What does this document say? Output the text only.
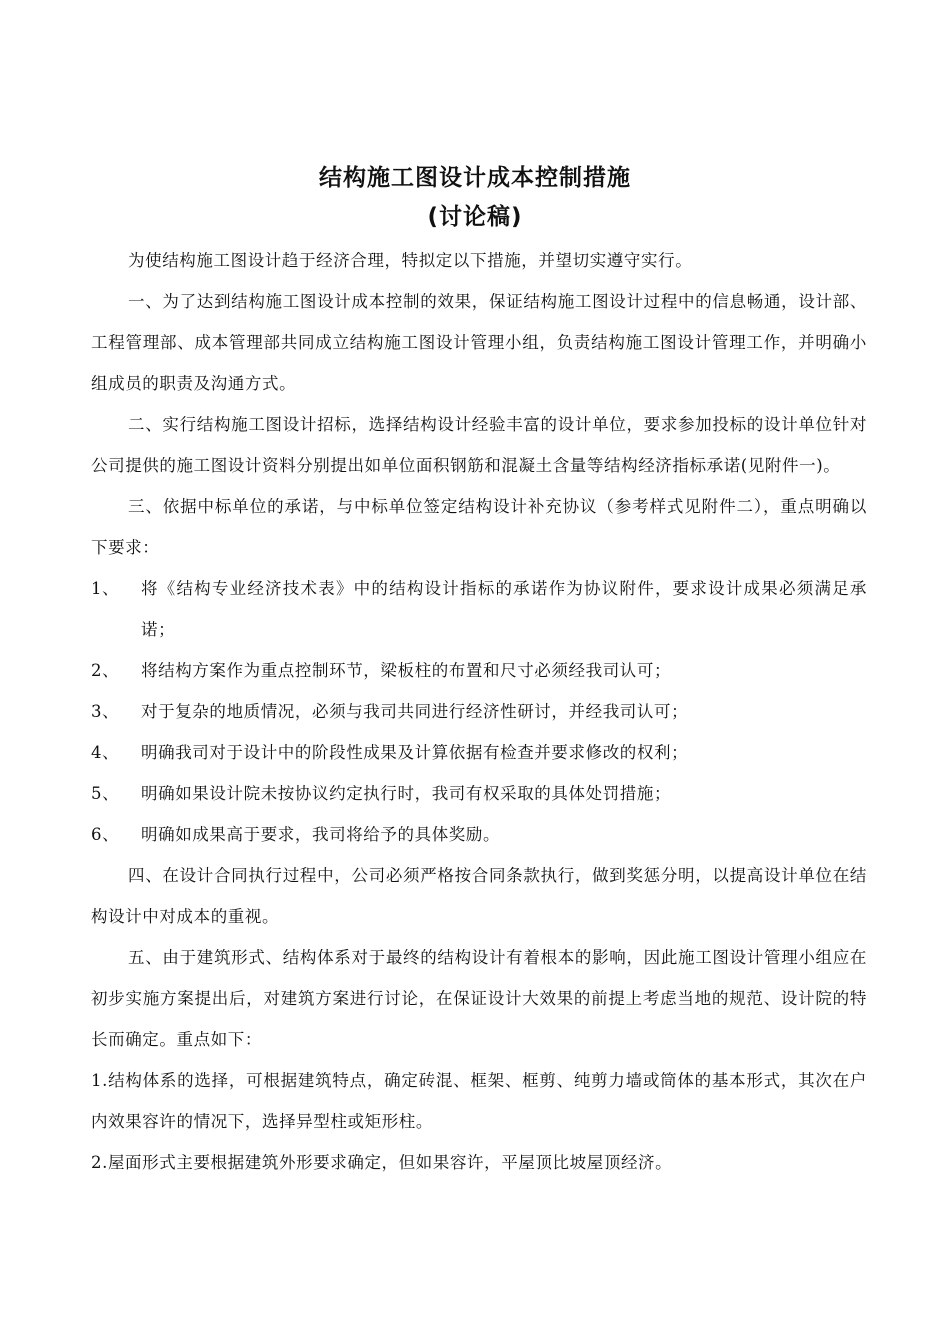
结构施工图设计成本控制措施
(讨论稿)

为使结构施工图设计趋于经济合理，特拟定以下措施，并望切实遵守实行。

一、为了达到结构施工图设计成本控制的效果，保证结构施工图设计过程中的信息畅通，设计部、工程管理部、成本管理部共同成立结构施工图设计管理小组，负责结构施工图设计管理工作，并明确小组成员的职责及沟通方式。

二、实行结构施工图设计招标，选择结构设计经验丰富的设计单位，要求参加投标的设计单位针对公司提供的施工图设计资料分别提出如单位面积钢筋和混凝土含量等结构经济指标承诺(见附件一)。

三、依据中标单位的承诺，与中标单位签定结构设计补充协议（参考样式见附件二），重点明确以下要求：

1、	将《结构专业经济技术表》中的结构设计指标的承诺作为协议附件，要求设计成果必须满足承诺；

2、	将结构方案作为重点控制环节，梁板柱的布置和尺寸必须经我司认可；

3、	对于复杂的地质情况，必须与我司共同进行经济性研讨，并经我司认可；

4、	明确我司对于设计中的阶段性成果及计算依据有检查并要求修改的权利；

5、	明确如果设计院未按协议约定执行时，我司有权采取的具体处罚措施；

6、	明确如成果高于要求，我司将给予的具体奖励。

四、在设计合同执行过程中，公司必须严格按合同条款执行，做到奖惩分明，以提高设计单位在结构设计中对成本的重视。

五、由于建筑形式、结构体系对于最终的结构设计有着根本的影响，因此施工图设计管理小组应在初步实施方案提出后，对建筑方案进行讨论，在保证设计大效果的前提上考虑当地的规范、设计院的特长而确定。重点如下：

1.结构体系的选择，可根据建筑特点，确定砖混、框架、框剪、纯剪力墙或筒体的基本形式，其次在户内效果容许的情况下，选择异型柱或矩形柱。

2.屋面形式主要根据建筑外形要求确定，但如果容许，平屋顶比坡屋顶经济。
